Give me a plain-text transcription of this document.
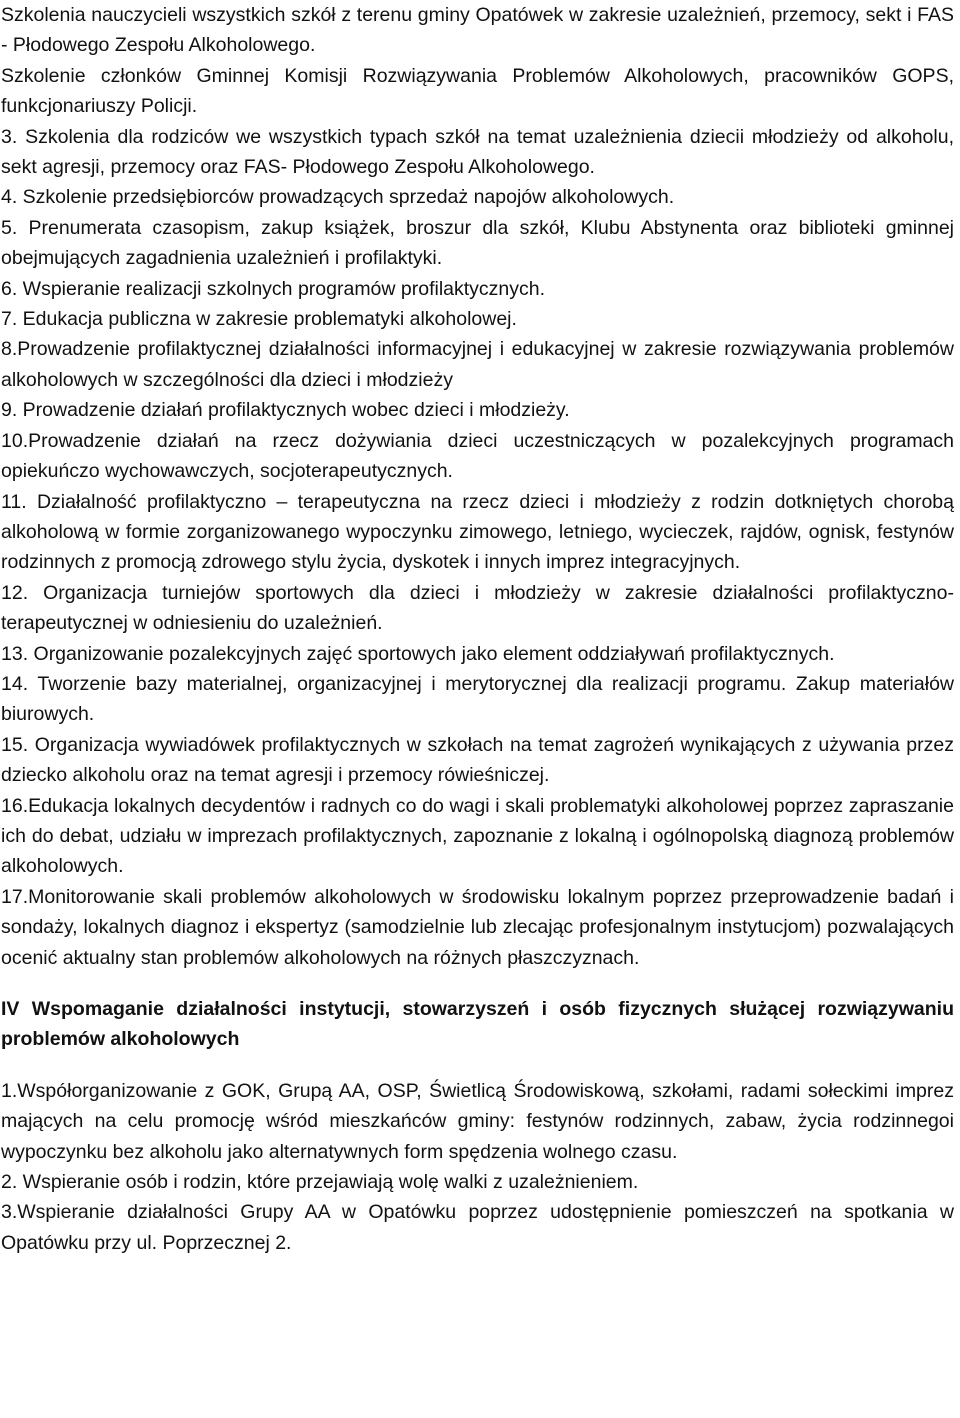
Szkolenia nauczycieli wszystkich szkół z terenu gminy Opatówek w zakresie uzależnień, przemocy, sekt i FAS - Płodowego Zespołu Alkoholowego.

Szkolenie członków Gminnej Komisji Rozwiązywania Problemów Alkoholowych, pracowników GOPS, funkcjonariuszy Policji.

3. Szkolenia dla rodziców we wszystkich typach szkół na temat uzależnienia dziecii młodzieży od alkoholu, sekt agresji, przemocy oraz FAS- Płodowego Zespołu Alkoholowego.

4. Szkolenie przedsiębiorców prowadzących sprzedaż napojów alkoholowych.

5. Prenumerata czasopism, zakup książek, broszur dla szkół, Klubu Abstynenta oraz biblioteki gminnej obejmujących zagadnienia uzależnień i profilaktyki.

6. Wspieranie realizacji szkolnych programów profilaktycznych.

7. Edukacja publiczna w zakresie problematyki alkoholowej.

8.Prowadzenie profilaktycznej działalności informacyjnej i edukacyjnej w zakresie rozwiązywania problemów alkoholowych w szczególności dla dzieci i młodzieży

9. Prowadzenie działań profilaktycznych wobec dzieci i młodzieży.

10.Prowadzenie działań na rzecz dożywiania dzieci uczestniczących w pozalekcyjnych programach opiekuńczo wychowawczych, socjoterapeutycznych.

11. Działalność profilaktyczno – terapeutyczna na rzecz dzieci i młodzieży z rodzin dotkniętych chorobą alkoholową w formie zorganizowanego wypoczynku zimowego, letniego, wycieczek, rajdów, ognisk, festynów rodzinnych z promocją zdrowego stylu życia, dyskotek i innych imprez integracyjnych.

12. Organizacja turniejów sportowych dla dzieci i młodzieży w zakresie działalności profilaktyczno-terapeutycznej w odniesieniu do uzależnień.

13. Organizowanie pozalekcyjnych zajęć sportowych jako element oddziaływań profilaktycznych.

14. Tworzenie bazy materialnej, organizacyjnej i merytorycznej dla realizacji programu. Zakup materiałów biurowych.

15. Organizacja wywiadówek profilaktycznych w szkołach na temat zagrożeń wynikających z używania przez dziecko alkoholu oraz na temat agresji i przemocy rówieśniczej.

16.Edukacja lokalnych decydentów i radnych co do wagi i skali problematyki alkoholowej poprzez zapraszanie ich do debat, udziału w imprezach profilaktycznych, zapoznanie z lokalną i ogólnopolską diagnozą problemów alkoholowych.

17.Monitorowanie skali problemów alkoholowych w środowisku lokalnym poprzez przeprowadzenie badań i sondaży, lokalnych diagnoz i ekspertyz (samodzielnie lub zlecając profesjonalnym instytucjom) pozwalających ocenić aktualny stan problemów alkoholowych na różnych płaszczyznach.

IV Wspomaganie działalności instytucji, stowarzyszeń i osób fizycznych służącej rozwiązywaniu problemów alkoholowych

1.Współorganizowanie z GOK, Grupą AA, OSP, Świetlicą Środowiskową, szkołami, radami sołeckimi imprez mających na celu promocję wśród mieszkańców gminy: festynów rodzinnych, zabaw, życia rodzinnegoi wypoczynku bez alkoholu jako alternatywnych form spędzenia wolnego czasu.

2. Wspieranie osób i rodzin, które przejawiają wolę walki z uzależnieniem.

3.Wspieranie działalności Grupy AA w Opatówku poprzez udostępnienie pomieszczeń na spotkania w Opatówku przy ul. Poprzecznej 2.
